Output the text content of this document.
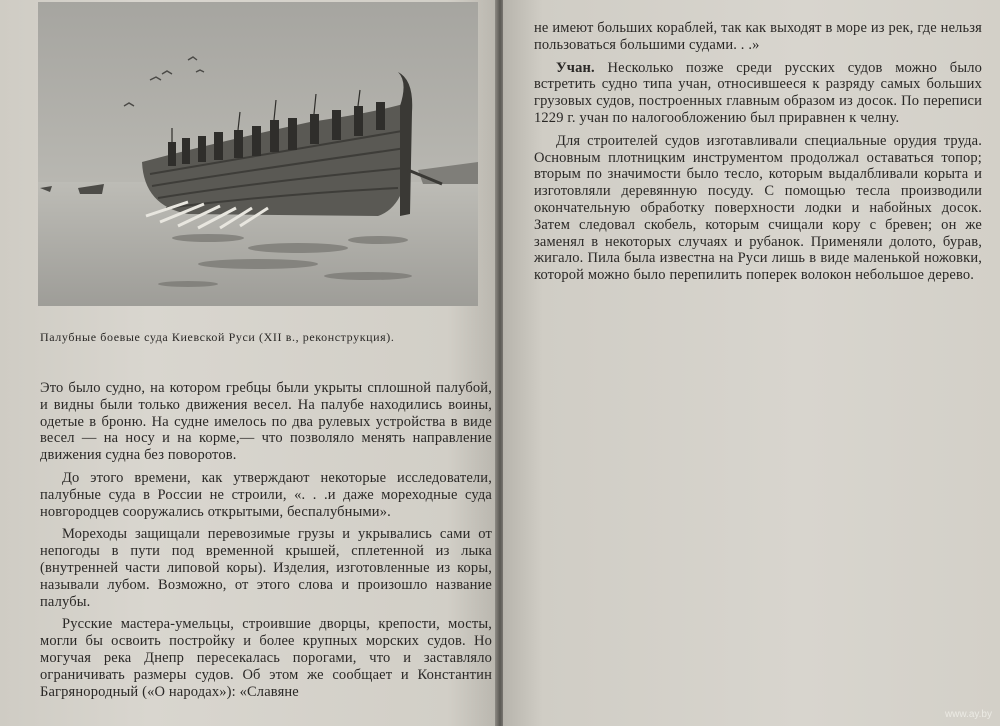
Палубные боевые суда Киевской Руси (XII в., реконструкция).

Это было судно, на котором гребцы были укрыты сплошной палубой, и видны были только движения весел. На палубе находились воины, одетые в броню. На судне имелось по два рулевых устройства в виде весел — на носу и на корме,— что позволяло менять направление движения судна без поворотов.

До этого времени, как утверждают некоторые исследователи, палубные суда в России не строили, «. . .и даже мореходные суда новгородцев сооружались открытыми, беспалубными».

Мореходы защищали перевозимые грузы и укрывались сами от непогоды в пути под временной крышей, сплетенной из лыка (внутренней части липовой коры). Изделия, изготовленные из коры, называли лубом. Возможно, от этого слова и произошло название палубы.

Русские мастера-умельцы, строившие дворцы, крепости, мосты, могли бы освоить постройку и более крупных морских судов. Но могучая река Днепр пересекалась порогами, что и заставляло ограничивать размеры судов. Об этом же сообщает и Константин Багрянородный («О народах»): «Славяне

не имеют больших кораблей, так как выходят в море из рек, где нельзя пользоваться большими судами. . .»

Учан. Несколько позже среди русских судов можно было встретить судно типа учан, относившееся к разряду самых больших грузовых судов, построенных главным образом из досок. По переписи 1229 г. учан по налогообложению был приравнен к челну.

Для строителей судов изготавливали специальные орудия труда. Основным плотницким инструментом продолжал оставаться топор; вторым по значимости было тесло, которым выдалбливали корыта и изготовляли деревянную посуду. С помощью тесла производили окончательную обработку поверхности лодки и набойных досок. Затем следовал скобель, которым счищали кору с бревен; он же заменял в некоторых случаях и рубанок. Применяли долото, бурав, жигало. Пила была известна на Руси лишь в виде маленькой ножовки, которой можно было перепилить поперек волокон небольшое дерево.

www.ay.by
